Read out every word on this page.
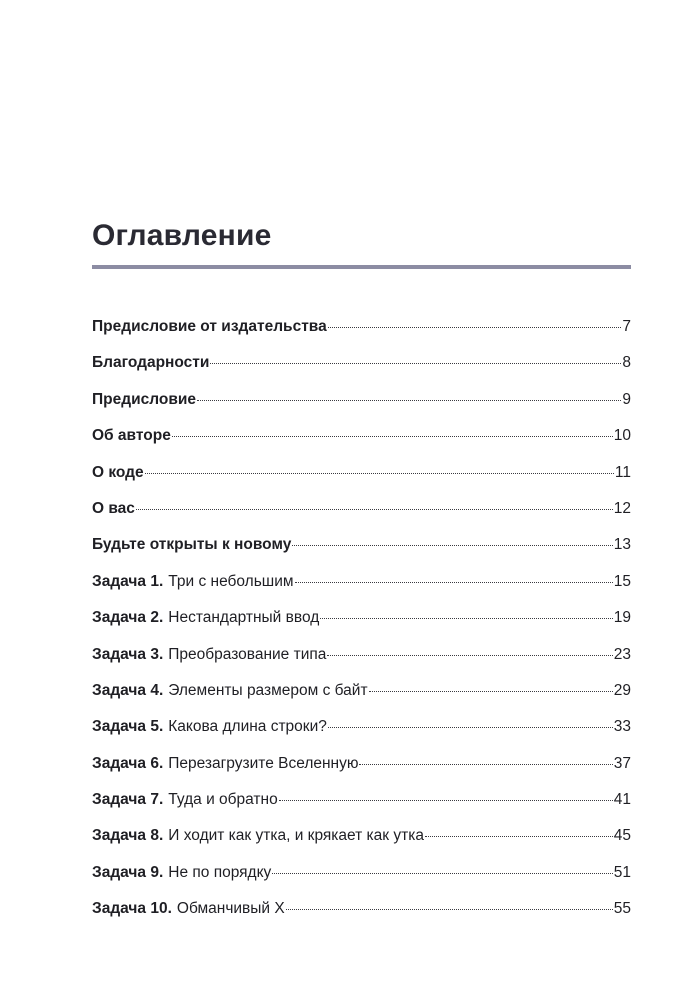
Оглавление
Предисловие от издательства	7
Благодарности	8
Предисловие	9
Об авторе	10
О коде	11
О вас	12
Будьте открыты к новому	13
Задача 1. Три с небольшим	15
Задача 2. Нестандартный ввод	19
Задача 3. Преобразование типа	23
Задача 4. Элементы размером с байт	29
Задача 5. Какова длина строки?	33
Задача 6. Перезагрузите Вселенную	37
Задача 7. Туда и обратно	41
Задача 8. И ходит как утка, и крякает как утка	45
Задача 9. Не по порядку	51
Задача 10. Обманчивый X	55
